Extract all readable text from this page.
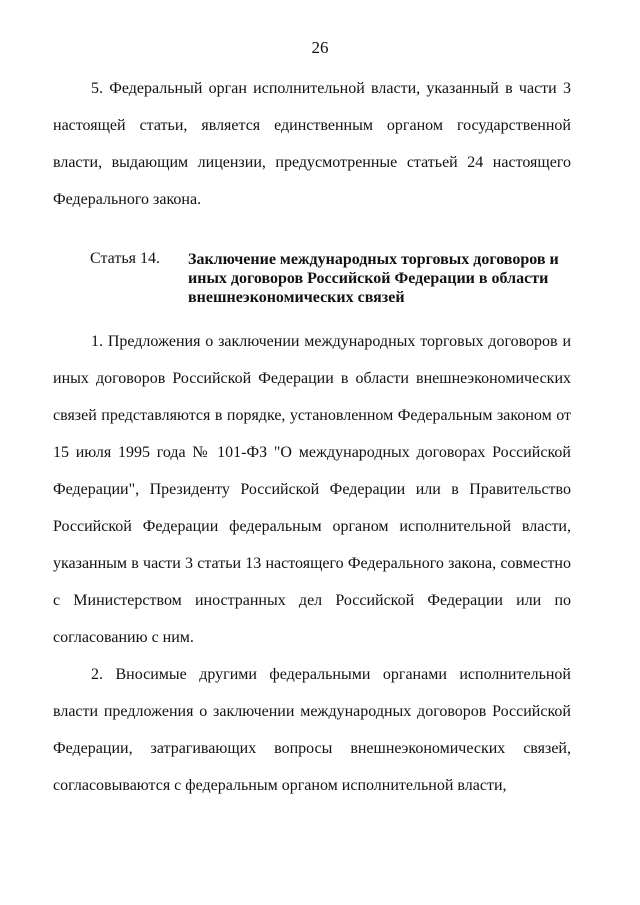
26

5. Федеральный орган исполнительной власти, указанный в части 3 настоящей статьи, является единственным органом государственной власти, выдающим лицензии, предусмотренные статьей 24 настоящего Федерального закона.

Статья 14.	Заключение международных торговых договоров и иных договоров Российской Федерации в области внешнеэкономических связей

1. Предложения о заключении международных торговых договоров и иных договоров Российской Федерации в области внешнеэкономических связей представляются в порядке, установленном Федеральным законом от 15 июля 1995 года № 101-ФЗ "О международных договорах Российской Федерации", Президенту Российской Федерации или в Правительство Российской Федерации федеральным органом исполнительной власти, указанным в части 3 статьи 13 настоящего Федерального закона, совместно с Министерством иностранных дел Российской Федерации или по согласованию с ним.

2. Вносимые другими федеральными органами исполнительной власти предложения о заключении международных договоров Российской Федерации, затрагивающих вопросы внешнеэкономических связей, согласовываются с федеральным органом исполнительной власти,
